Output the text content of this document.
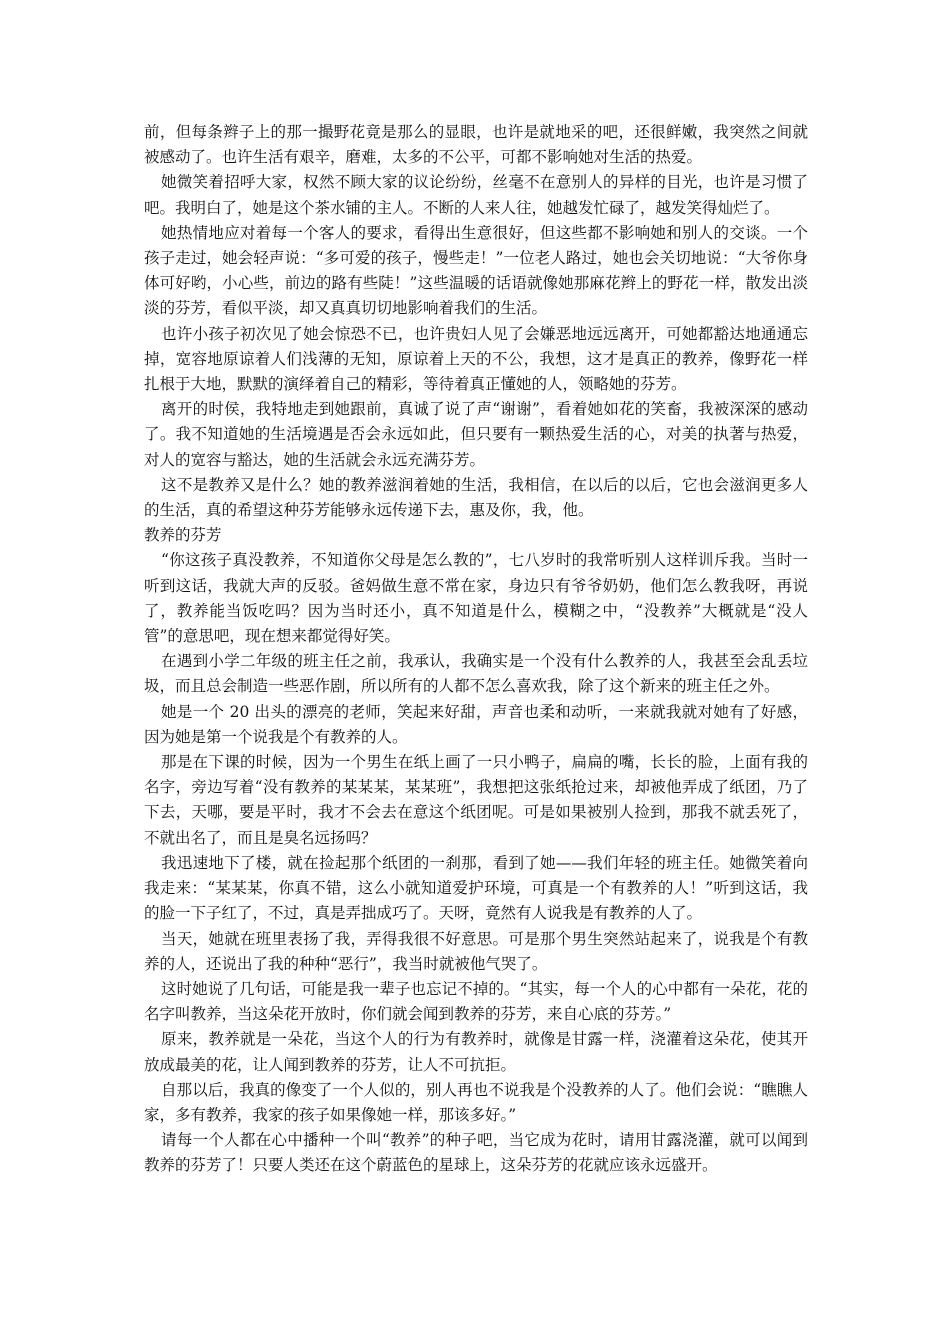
前，但每条辫子上的那一撮野花竟是那么的显眼，也许是就地采的吧，还很鲜嫩，我突然之间就被感动了。也许生活有艰辛，磨难，太多的不公平，可都不影响她对生活的热爱。

她微笑着招呼大家，权然不顾大家的议论纷纷，丝毫不在意别人的异样的目光，也许是习惯了吧。我明白了，她是这个茶水铺的主人。不断的人来人往，她越发忙碌了，越发笑得灿烂了。

她热情地应对着每一个客人的要求，看得出生意很好，但这些都不影响她和别人的交谈。一个孩子走过，她会轻声说：“多可爱的孩子，慢些走！”一位老人路过，她也会关切地说：“大爷你身体可好哟，小心些，前边的路有些陡！”这些温暖的话语就像她那麻花辫上的野花一样，散发出淡淡的芬芳，看似平淡，却又真真切切地影响着我们的生活。

也许小孩子初次见了她会惊恐不已，也许贵妇人见了会嫌恶地远远离开，可她都豁达地通通忘掉，宽容地原谅着人们浅薄的无知，原谅着上天的不公，我想，这才是真正的教养，像野花一样扎根于大地，默默的演绎着自己的精彩，等待着真正懂她的人，领略她的芬芳。

离开的时侯，我特地走到她跟前，真诚了说了声“谢谢”，看着她如花的笑畜，我被深深的感动了。我不知道她的生活境遇是否会永远如此，但只要有一颗热爱生活的心，对美的执著与热爱，对人的宽容与豁达，她的生活就会永远充满芬芳。

这不是教养又是什么？她的教养滋润着她的生活，我相信，在以后的以后，它也会滋润更多人的生活，真的希望这种芬芳能够永远传递下去，惠及你，我，他。

教养的芬芳

“你这孩子真没教养，不知道你父母是怎么教的”，七八岁时的我常听别人这样训斥我。当时一听到这话，我就大声的反驳。爸妈做生意不常在家，身边只有爷爷奶奶，他们怎么教我呀，再说了，教养能当饭吃吗？因为当时还小，真不知道是什么，模糊之中，“没教养”大概就是“没人管”的意思吧，现在想来都觉得好笑。

在遇到小学二年级的班主任之前，我承认，我确实是一个没有什么教养的人，我甚至会乱丢垃圾，而且总会制造一些恶作剧，所以所有的人都不怎么喜欢我，除了这个新来的班主任之外。

她是一个 20 出头的漂亮的老师，笑起来好甜，声音也柔和动听，一来就我就对她有了好感，因为她是第一个说我是个有教养的人。

那是在下课的时候，因为一个男生在纸上画了一只小鸭子，扁扁的嘴，长长的脸，上面有我的名字，旁边写着“没有教养的某某某，某某班”，我想把这张纸抢过来，却被他弄成了纸团，乃了下去，天哪，要是平时，我才不会去在意这个纸团呢。可是如果被别人捡到，那我不就丢死了，不就出名了，而且是臭名远扬吗？

我迅速地下了楼，就在捡起那个纸团的一刹那，看到了她——我们年轻的班主任。她微笑着向我走来：“某某某，你真不错，这么小就知道爱护环境，可真是一个有教养的人！”听到这话，我的脸一下子红了，不过，真是弄拙成巧了。天呀，竟然有人说我是有教养的人了。

当天，她就在班里表扬了我，弄得我很不好意思。可是那个男生突然站起来了，说我是个有教养的人，还说出了我的种种“恶行”，我当时就被他气哭了。

这时她说了几句话，可能是我一辈子也忘记不掉的。“其实，每一个人的心中都有一朵花，花的名字叫教养，当这朵花开放时，你们就会闻到教养的芬芳，来自心底的芬芳。”

原来，教养就是一朵花，当这个人的行为有教养时，就像是甘露一样，浇灌着这朵花，使其开放成最美的花，让人闻到教养的芬芳，让人不可抗拒。

自那以后，我真的像变了一个人似的，别人再也不说我是个没教养的人了。他们会说：“瞧瞧人家，多有教养，我家的孩子如果像她一样，那该多好。”

请每一个人都在心中播种一个叫“教养”的种子吧，当它成为花时，请用甘露浇灌，就可以闻到教养的芬芳了！只要人类还在这个蔚蓝色的星球上，这朵芬芳的花就应该永远盛开。
